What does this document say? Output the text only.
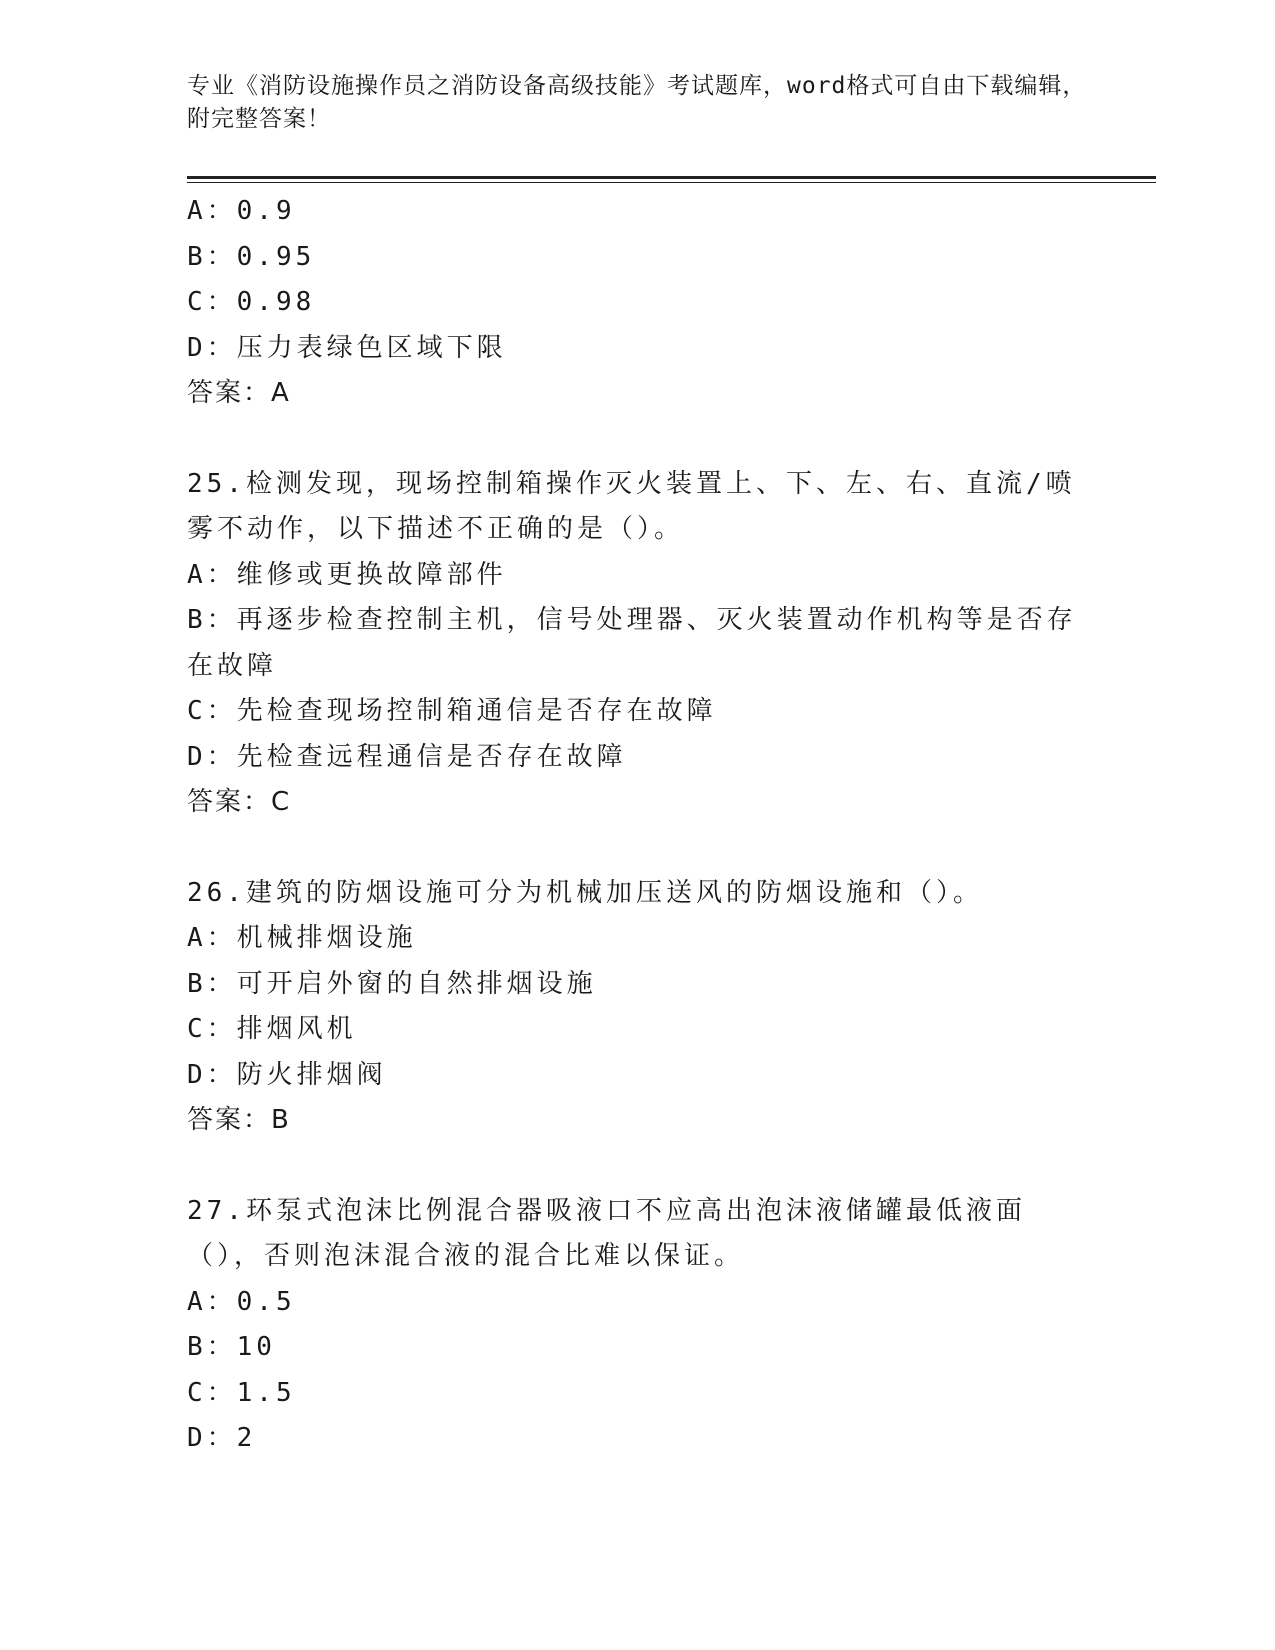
专业《消防设施操作员之消防设备高级技能》考试题库，word格式可自由下载编辑，附完整答案！
A：0.9
B：0.95
C：0.98
D：压力表绿色区域下限
答案：A
25.检测发现，现场控制箱操作灭火装置上、下、左、右、直流/喷雾不动作，以下描述不正确的是（）。
A：维修或更换故障部件
B：再逐步检查控制主机，信号处理器、灭火装置动作机构等是否存在故障
C：先检查现场控制箱通信是否存在故障
D：先检查远程通信是否存在故障
答案：C
26.建筑的防烟设施可分为机械加压送风的防烟设施和（）。
A：机械排烟设施
B：可开启外窗的自然排烟设施
C：排烟风机
D：防火排烟阀
答案：B
27.环泵式泡沫比例混合器吸液口不应高出泡沫液储罐最低液面（），否则泡沫混合液的混合比难以保证。
A：0.5
B：10
C：1.5
D：2
